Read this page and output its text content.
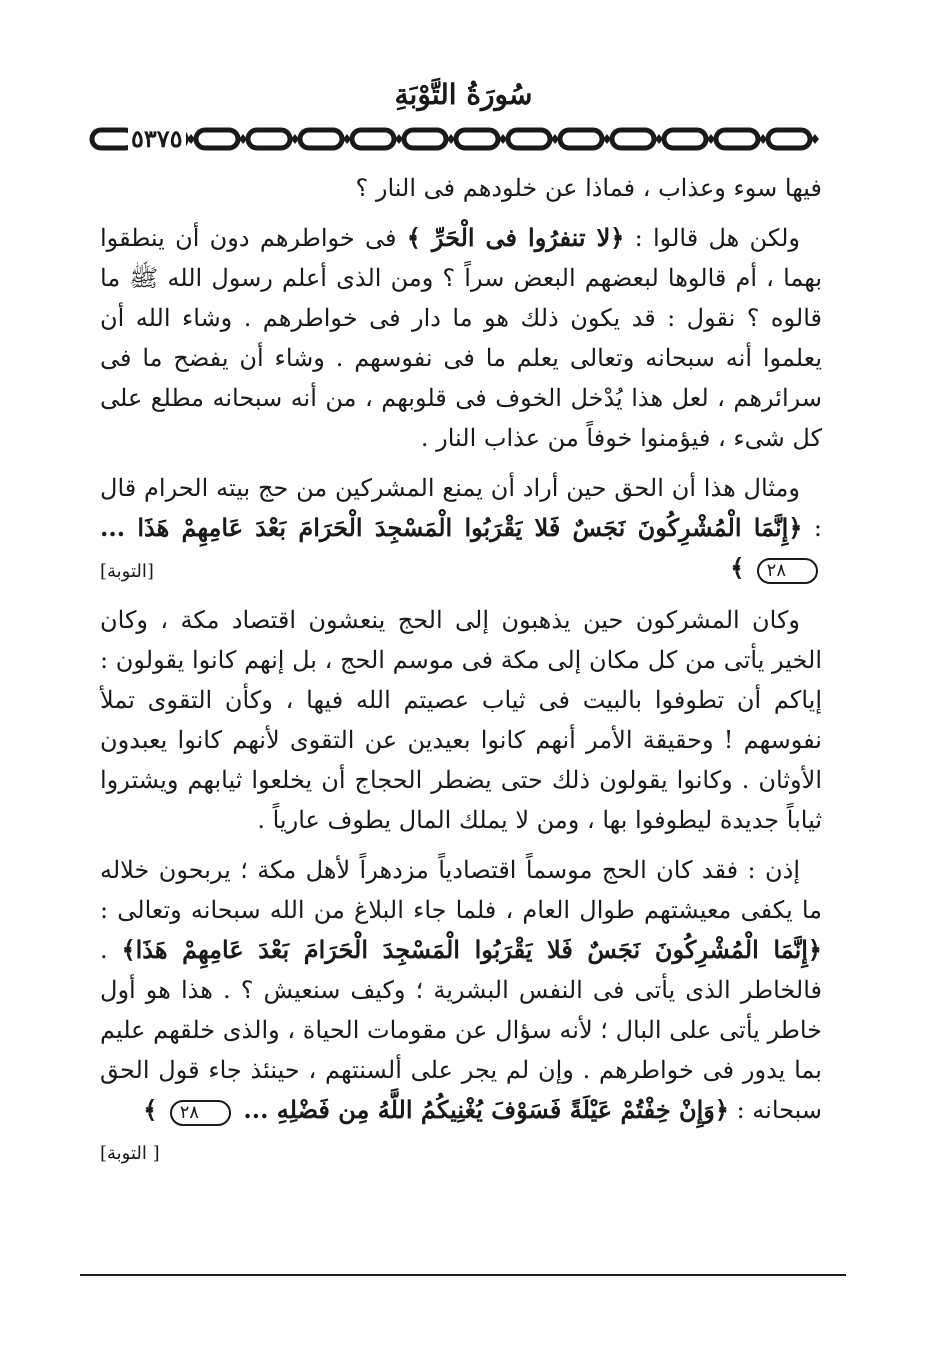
سُورَةُ التَّوْبَةِ
٥٣٧٥

فيها سوء وعذاب ، فماذا عن خلودهم فى النار ؟

ولكن هل قالوا : ﴿لا تنفرُوا فى الْحَرِّ ﴾ فى خواطرهم دون أن ينطقوا بهما ، أم قالوها لبعضهم البعض سراً ؟ ومن الذى أعلم رسول الله ﷺ ما قالوه ؟ نقول : قد يكون ذلك هو ما دار فى خواطرهم . وشاء الله أن يعلموا أنه سبحانه وتعالى يعلم ما فى نفوسهم . وشاء أن يفضح ما فى سرائرهم ، لعل هذا يُدْخل الخوف فى قلوبهم ، من أنه سبحانه مطلع على كل شىء ، فيؤمنوا خوفاً من عذاب النار .

ومثال هذا أن الحق حين أراد أن يمنع المشركين من حج بيته الحرام قال : ﴿إِنَّمَا الْمُشْرِكُونَ نَجَسٌ فَلا يَقْرَبُوا الْمَسْجِدَ الْحَرَامَ بَعْدَ عَامِهِمْ هَذَا ... ٢٨ ﴾
[التوبة]

وكان المشركون حين يذهبون إلى الحج ينعشون اقتصاد مكة ، وكان الخير يأتى من كل مكان إلى مكة فى موسم الحج ، بل إنهم كانوا يقولون : إياكم أن تطوفوا بالبيت فى ثياب عصيتم الله فيها ، وكأن التقوى تملأ نفوسهم ! وحقيقة الأمر أنهم كانوا بعيدين عن التقوى لأنهم كانوا يعبدون الأوثان . وكانوا يقولون ذلك حتى يضطر الحجاج أن يخلعوا ثيابهم ويشتروا ثياباً جديدة ليطوفوا بها ، ومن لا يملك المال يطوف عارياً .

إذن : فقد كان الحج موسماً اقتصادياً مزدهراً لأهل مكة ؛ يربحون خلاله ما يكفى معيشتهم طوال العام ، فلما جاء البلاغ من الله سبحانه وتعالى : ﴿إِنَّمَا الْمُشْرِكُونَ نَجَسٌ فَلا يَقْرَبُوا الْمَسْجِدَ الْحَرَامَ بَعْدَ عَامِهِمْ هَذَا﴾ . فالخاطر الذى يأتى فى النفس البشرية ؛ وكيف سنعيش ؟ . هذا هو أول خاطر يأتى على البال ؛ لأنه سؤال عن مقومات الحياة ، والذى خلقهم عليم بما يدور فى خواطرهم . وإن لم يجر على ألسنتهم ، حينئذ جاء قول الحق سبحانه : ﴿وَإِنْ خِفْتُمْ عَيْلَةً فَسَوْفَ يُغْنِيكُمُ اللَّهُ مِن فَضْلِهِ ... ٢٨ ﴾
[ التوبة]
